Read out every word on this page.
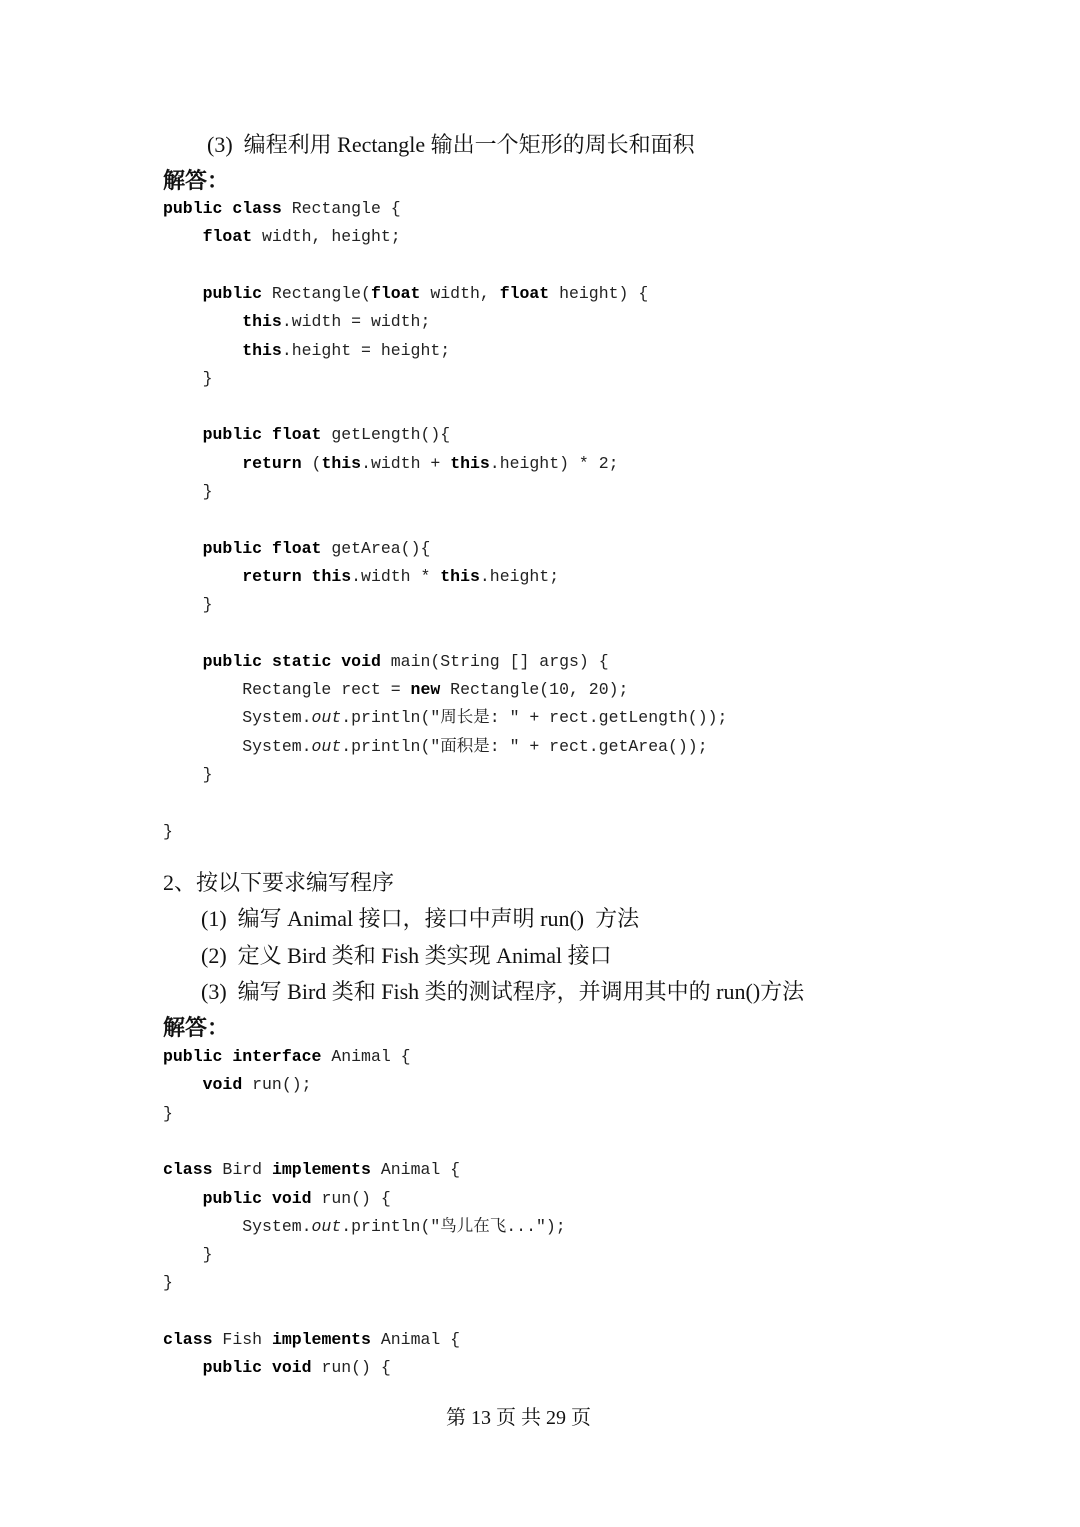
(3)  编程利用 Rectangle 输出一个矩形的周长和面积
解答：
public class Rectangle {
float width, height;
public Rectangle(float width, float height) {
this.width = width;
this.height = height;
}
public float getLength(){
return (this.width + this.height) * 2;
}
public float getArea(){
return this.width * this.height;
}
public static void main(String [] args) {
Rectangle rect = new Rectangle(10, 20);
System.out.println("周长是: " + rect.getLength());
System.out.println("面积是: " + rect.getArea());
}
}
2、按以下要求编写程序
(1)  编写 Animal 接口，接口中声明 run()  方法
(2)  定义 Bird 类和 Fish 类实现 Animal 接口
(3)  编写 Bird 类和 Fish 类的测试程序，并调用其中的 run()方法
解答：
public interface Animal {
void run();
}
class Bird implements Animal {
public void run() {
System.out.println("鸟儿在飞...");
}
}
class Fish implements Animal {
public void run() {
第 13 页 共 29 页
